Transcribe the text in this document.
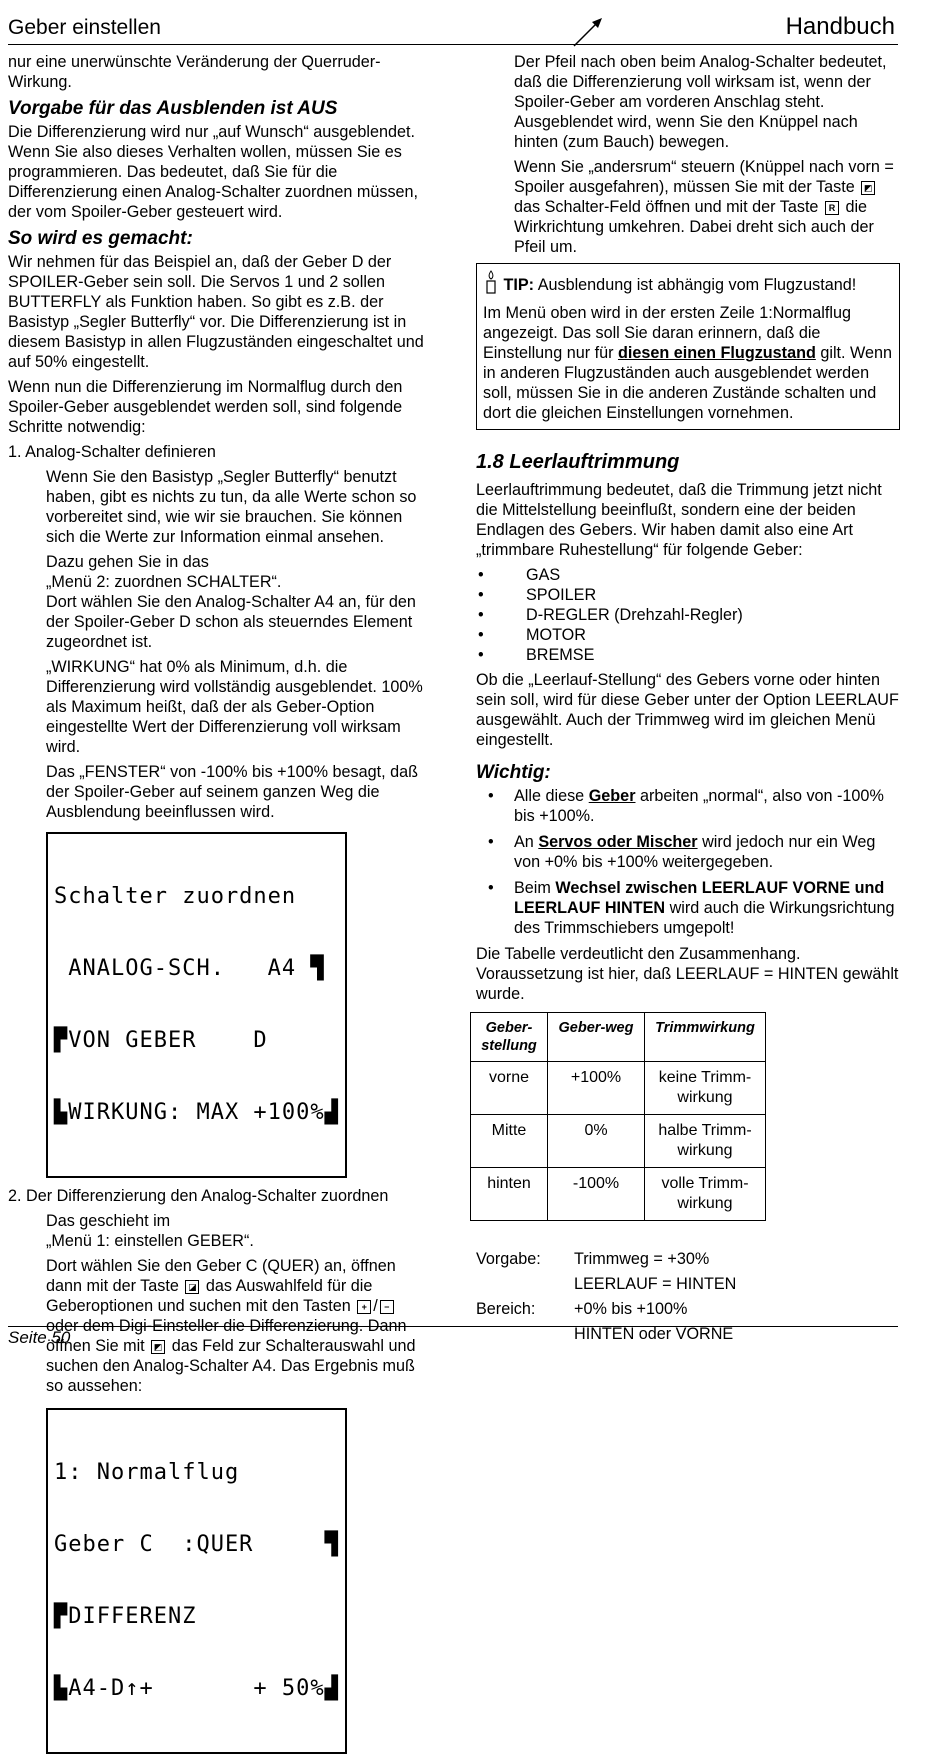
Geber einstellen	Handbuch

nur eine unerwünschte Veränderung der Querruder-Wirkung.

Vorgabe für das Ausblenden ist AUS

Die Differenzierung wird nur „auf Wunsch“ ausgeblendet. Wenn Sie also dieses Verhalten wollen, müssen Sie es programmieren. Das bedeutet, daß Sie für die Differenzierung einen Analog-Schalter zuordnen müssen, der vom Spoiler-Geber gesteuert wird.

So wird es gemacht:

Wir nehmen für das Beispiel an, daß der Geber D der SPOILER-Geber sein soll. Die Servos 1 und 2 sollen BUTTERFLY als Funktion haben. So gibt es z.B. der Basistyp „Segler Butterfly“ vor. Die Differenzierung ist in diesem Basistyp in allen Flugzuständen eingeschaltet und auf 50% eingestellt.

Wenn nun die Differenzierung im Normalflug durch den Spoiler-Geber ausgeblendet werden soll, sind folgende Schritte notwendig:

1. Analog-Schalter definieren

Wenn Sie den Basistyp „Segler Butterfly“ benutzt haben, gibt es nichts zu tun, da alle Werte schon so vorbereitet sind, wie wir sie brauchen. Sie können sich die Werte zur Information einmal ansehen.

Dazu gehen Sie in das
„Menü 2: zuordnen SCHALTER“.
Dort wählen Sie den Analog-Schalter A4 an, für den der Spoiler-Geber D schon als steuerndes Element zugeordnet ist.

„WIRKUNG“ hat 0% als Minimum, d.h. die Differenzierung wird vollständig ausgeblendet. 100% als Maximum heißt, daß der als Geber-Option eingestellte Wert der Differenzierung voll wirksam wird.

Das „FENSTER“ von -100% bis +100% besagt, daß der Spoiler-Geber auf seinem ganzen Weg die Ausblendung beeinflussen wird.

Schalter zuordnen

ANALOG-SCH.   A4 ▜

▛VON GEBER    D

▙WIRKUNG: MAX +100%▟

2. Der Differenzierung den Analog-Schalter zuordnen

Das geschieht im
„Menü 1: einstellen GEBER“.

Dort wählen Sie den Geber C (QUER) an, öffnen dann mit der Taste ◪ das Auswahlfeld für die Geberoptionen und suchen mit den Tasten + / − oder dem Digi-Einsteller die Differenzierung. Dann öffnen Sie mit ◩ das Feld zur Schalterauswahl und suchen den Analog-Schalter A4. Das Ergebnis muß so aussehen:

1: Normalflug

Geber C  :QUER     ▜

▛DIFFERENZ

▙A4-D↑+       + 50%▟

Der Pfeil nach oben beim Analog-Schalter bedeutet, daß die Differenzierung voll wirksam ist, wenn der Spoiler-Geber am vorderen Anschlag steht. Ausgeblendet wird, wenn Sie den Knüppel nach hinten (zum Bauch) bewegen.

Wenn Sie „andersrum“ steuern (Knüppel nach vorn = Spoiler ausgefahren), müssen Sie mit der Taste ◩ das Schalter-Feld öffnen und mit der Taste R die Wirkrichtung umkehren. Dabei dreht sich auch der Pfeil um.

TIP: Ausblendung ist abhängig vom Flugzustand!

Im Menü oben wird in der ersten Zeile 1:Normalflug angezeigt. Das soll Sie daran erinnern, daß die Einstellung nur für diesen einen Flugzustand gilt. Wenn in anderen Flugzuständen auch ausgeblendet werden soll, müssen Sie in die anderen Zustände schalten und dort die gleichen Einstellungen vornehmen.

1.8 Leerlauftrimmung

Leerlauftrimmung bedeutet, daß die Trimmung jetzt nicht die Mittelstellung beeinflußt, sondern eine der beiden Endlagen des Gebers. Wir haben damit also eine Art „trimmbare Ruhestellung“ für folgende Geber:

• GAS
• SPOILER
• D-REGLER (Drehzahl-Regler)
• MOTOR
• BREMSE

Ob die „Leerlauf-Stellung“ des Gebers vorne oder hinten sein soll, wird für diese Geber unter der Option LEERLAUF ausgewählt. Auch der Trimmweg wird im gleichen Menü eingestellt.

Wichtig:
• Alle diese Geber arbeiten „normal“, also von -100% bis +100%.
• An Servos oder Mischer wird jedoch nur ein Weg von +0% bis +100% weitergegeben.
• Beim Wechsel zwischen LEERLAUF VORNE und LEERLAUF HINTEN wird auch die Wirkungsrichtung des Trimmschiebers umgepolt!

Die Tabelle verdeutlicht den Zusammenhang. Voraussetzung ist hier, daß LEERLAUF = HINTEN gewählt wurde.

Geber-stellung	Geber-weg	Trimmwirkung
vorne	+100%	keine Trimm-wirkung
Mitte	0%	halbe Trimm-wirkung
hinten	-100%	volle Trimm-wirkung
Vorgabe:	Trimmweg = +30%
LEERLAUF = HINTEN
Bereich:	+0% bis +100%
HINTEN oder VORNE
Seite 50
